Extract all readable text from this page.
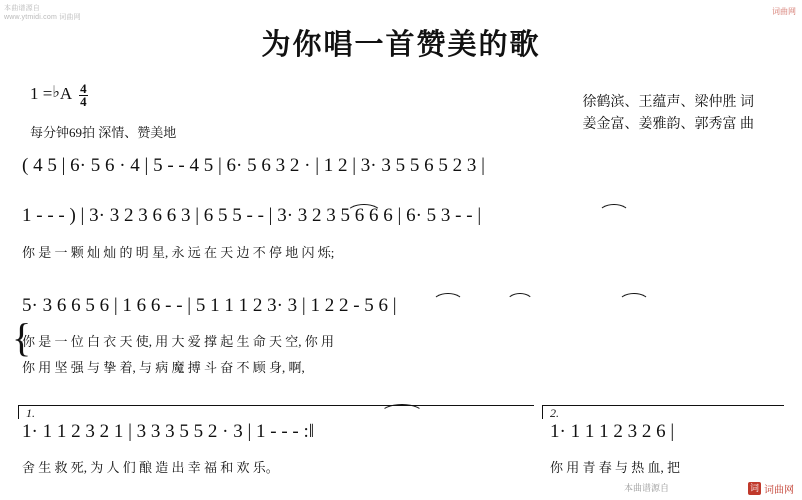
本曲谱源自
www.ytmidi.com 词曲网
词曲网
本曲谱源自	词 词曲网
为你唱一首赞美的歌
1 = ♭ A $\frac{4}{4}$
每分钟69拍 深情、赞美地
徐鹤滨、王蕴声、梁仲胜 词
姜金富、姜雅韵、郭秀富 曲
( 4 5 | 6· 5 6 · 4 | 5 - - 4 5 | 6· 5 6 3 2 · | 1 2 | 3· 3 5 5 6 5 2 3 |
1 - - - ) | 3· 3 2 3 6 6 3 | 6 5 5 - - | 3· 3 2 3 5 6 6 6 | 6· 5 3 - - |
你 是 一 颗 灿 灿 的 明 星, 永 远 在 天 边 不 停 地 闪 烁;
5· 3 6 6 5 6 | 1 6 6 - - | 5 1 1 1 2 3· 3 | 1 2 2 - 5 6 |
你 是 一 位 白 衣 天 使, 用 大 爱 撑 起 生 命 天 空, 你 用
你 用 坚 强 与 挚 着, 与 病 魔 搏 斗 奋 不 顾 身, 啊,
{
1.	2.
1· 1 1 2 3 2 1 | 3 3 3 5 5 2 · 3 | 1 - - - :‖
舍 生 救 死, 为 人 们 酿 造 出 幸 福 和 欢 乐。
1· 1 1 1 2 3 2 6 |
你 用 青 春 与 热 血, 把
